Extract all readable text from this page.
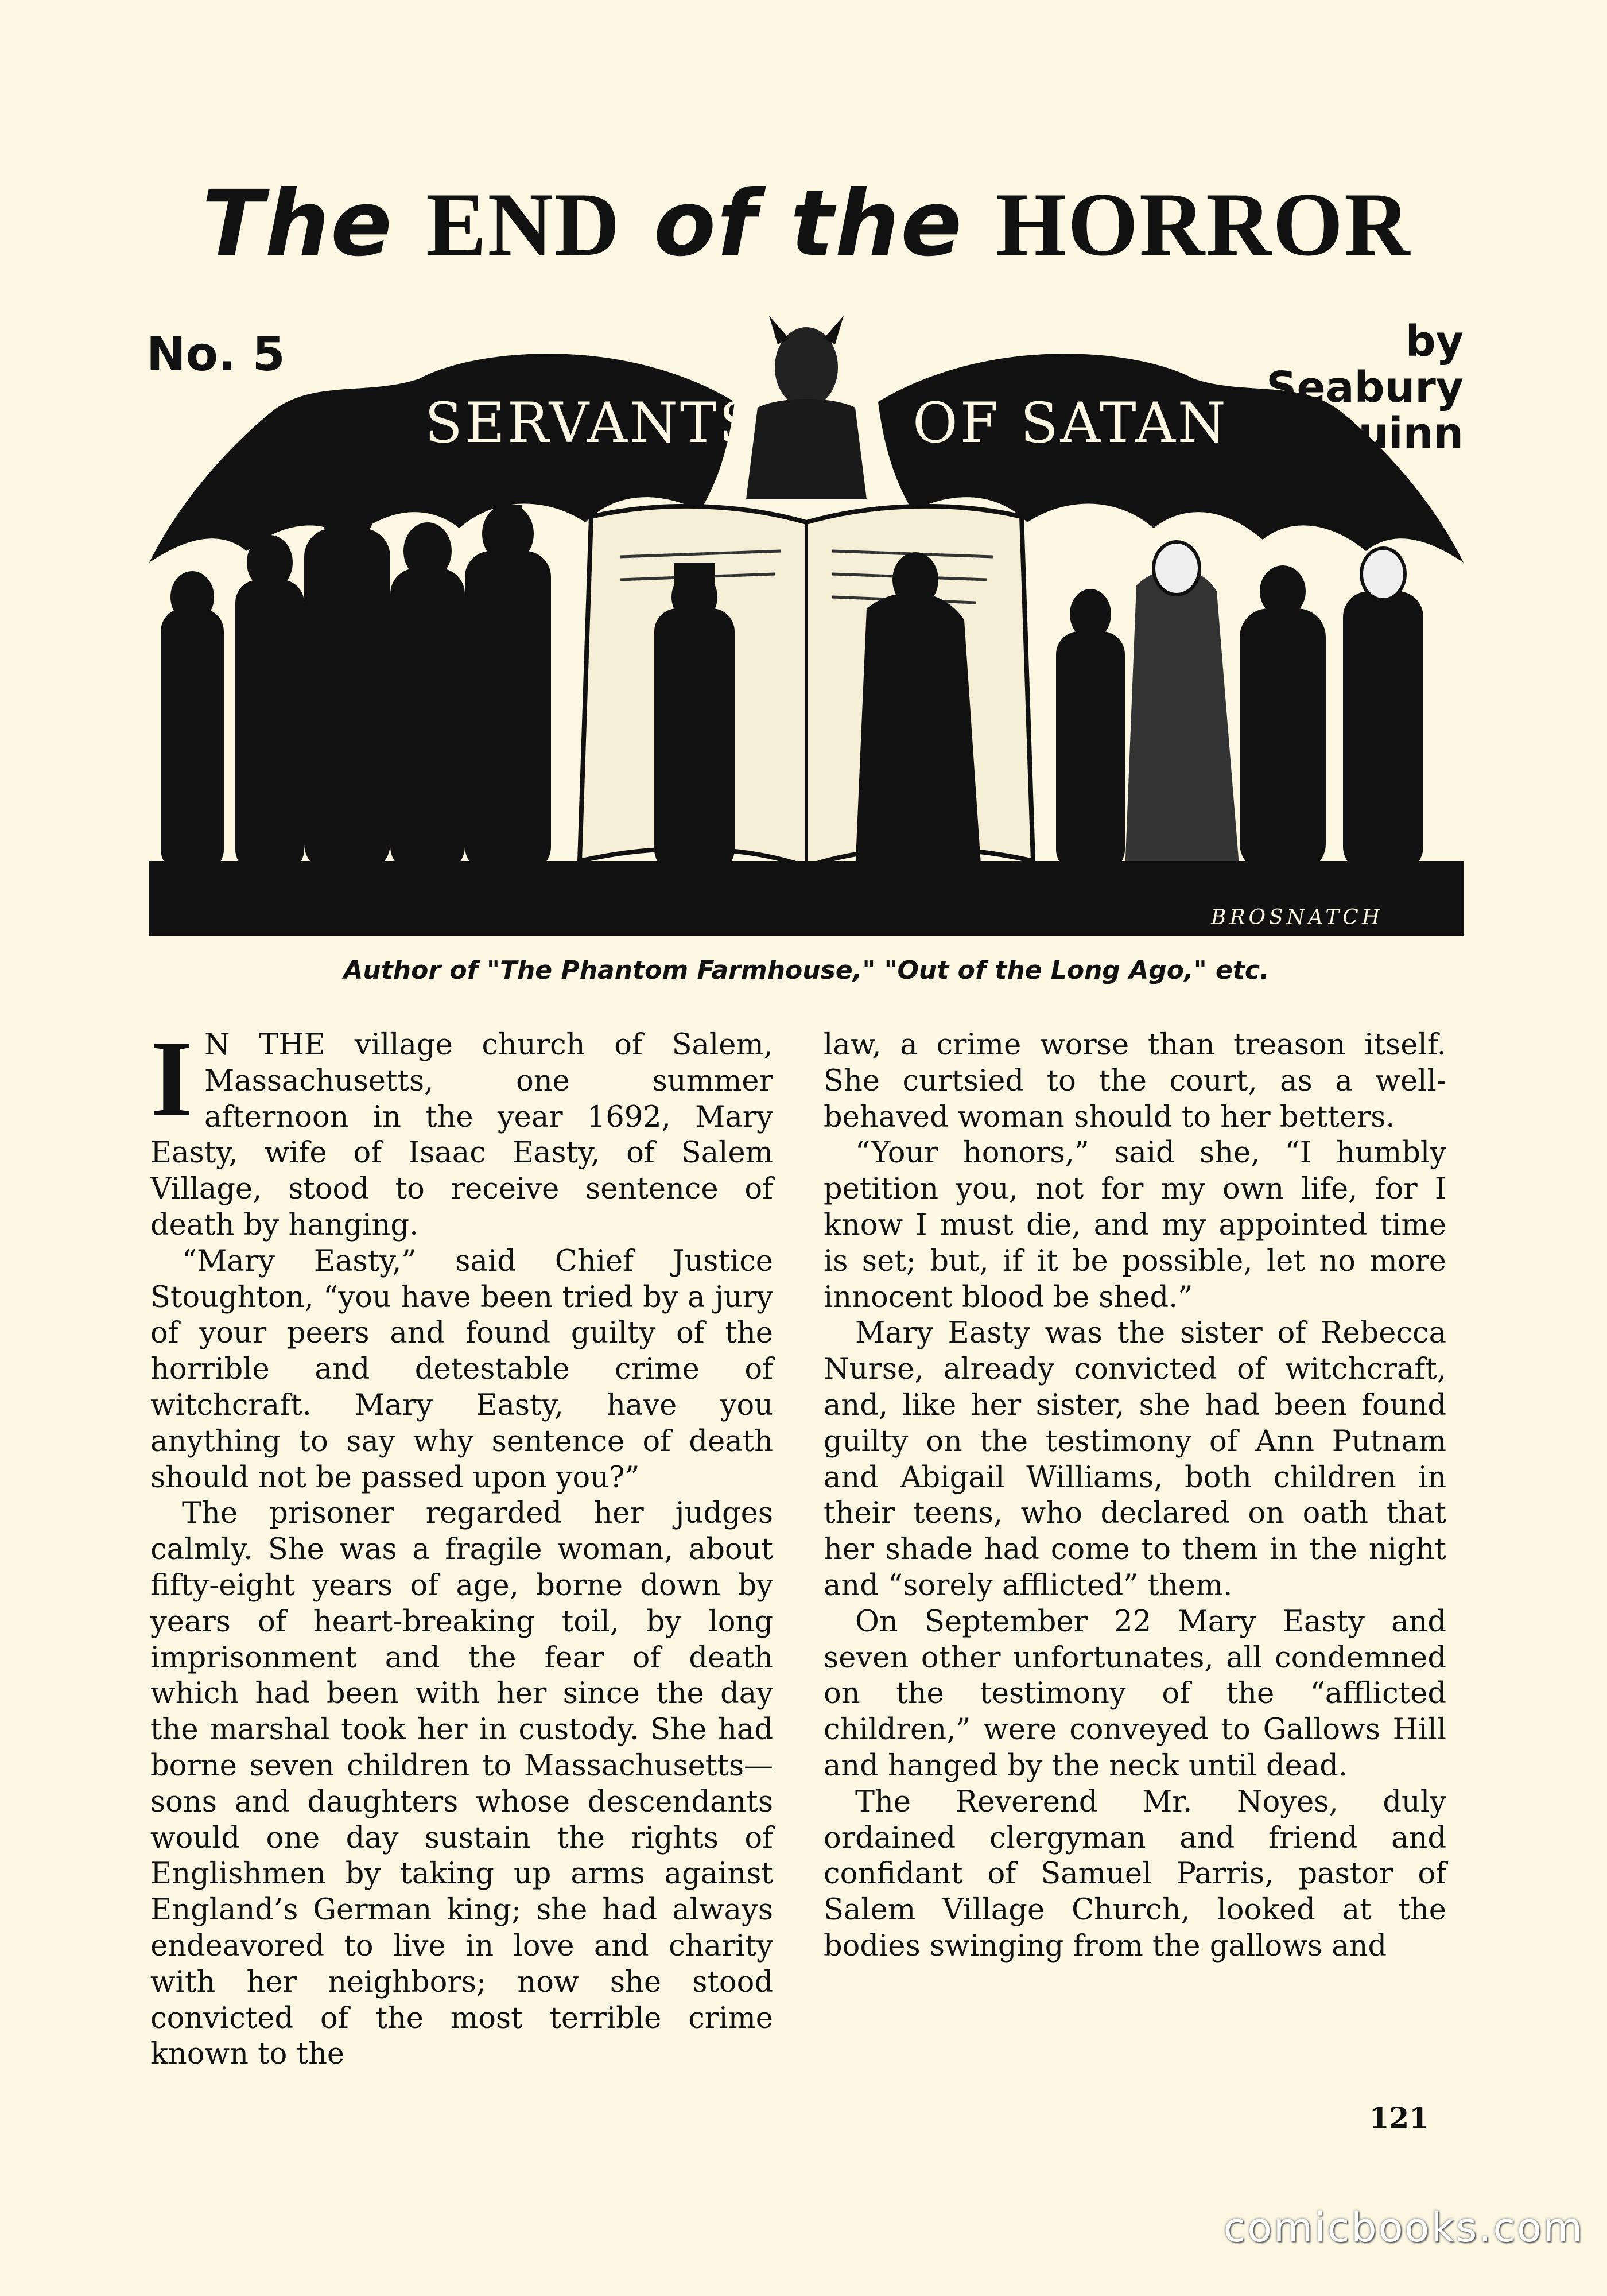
The END of the HORROR
SERVANTS	OF SATAN
BROSNATCH
No. 5	by Seabury
Quinn
Author of "The Phantom Farmhouse," "Out of the Long Ago," etc.

I N THE village church of Salem, Massachusetts, one summer afternoon in the year 1692, Mary Easty, wife of Isaac Easty, of Salem Village, stood to receive sentence of death by hanging.

“Mary Easty,” said Chief Justice Stoughton, “you have been tried by a jury of your peers and found guilty of the horrible and detestable crime of witchcraft. Mary Easty, have you anything to say why sentence of death should not be passed upon you?”

The prisoner regarded her judges calmly. She was a fragile woman, about fifty-eight years of age, borne down by years of heart-breaking toil, by long imprisonment and the fear of death which had been with her since the day the marshal took her in custody. She had borne seven children to Massachusetts—sons and daughters whose descendants would one day sustain the rights of Englishmen by taking up arms against England’s German king; she had always endeavored to live in love and charity with her neighbors; now she stood convicted of the most terrible crime known to the

law, a crime worse than treason itself. She curtsied to the court, as a well-behaved woman should to her betters.

“Your honors,” said she, “I humbly petition you, not for my own life, for I know I must die, and my appointed time is set; but, if it be possible, let no more innocent blood be shed.”

Mary Easty was the sister of Rebecca Nurse, already convicted of witchcraft, and, like her sister, she had been found guilty on the testimony of Ann Putnam and Abigail Williams, both children in their teens, who declared on oath that her shade had come to them in the night and “sorely afflicted” them.

On September 22 Mary Easty and seven other unfortunates, all condemned on the testimony of the “afflicted children,” were conveyed to Gallows Hill and hanged by the neck until dead.

The Reverend Mr. Noyes, duly ordained clergyman and friend and confidant of Samuel Parris, pastor of Salem Village Church, looked at the bodies swinging from the gallows and

121
comicbooks.com
